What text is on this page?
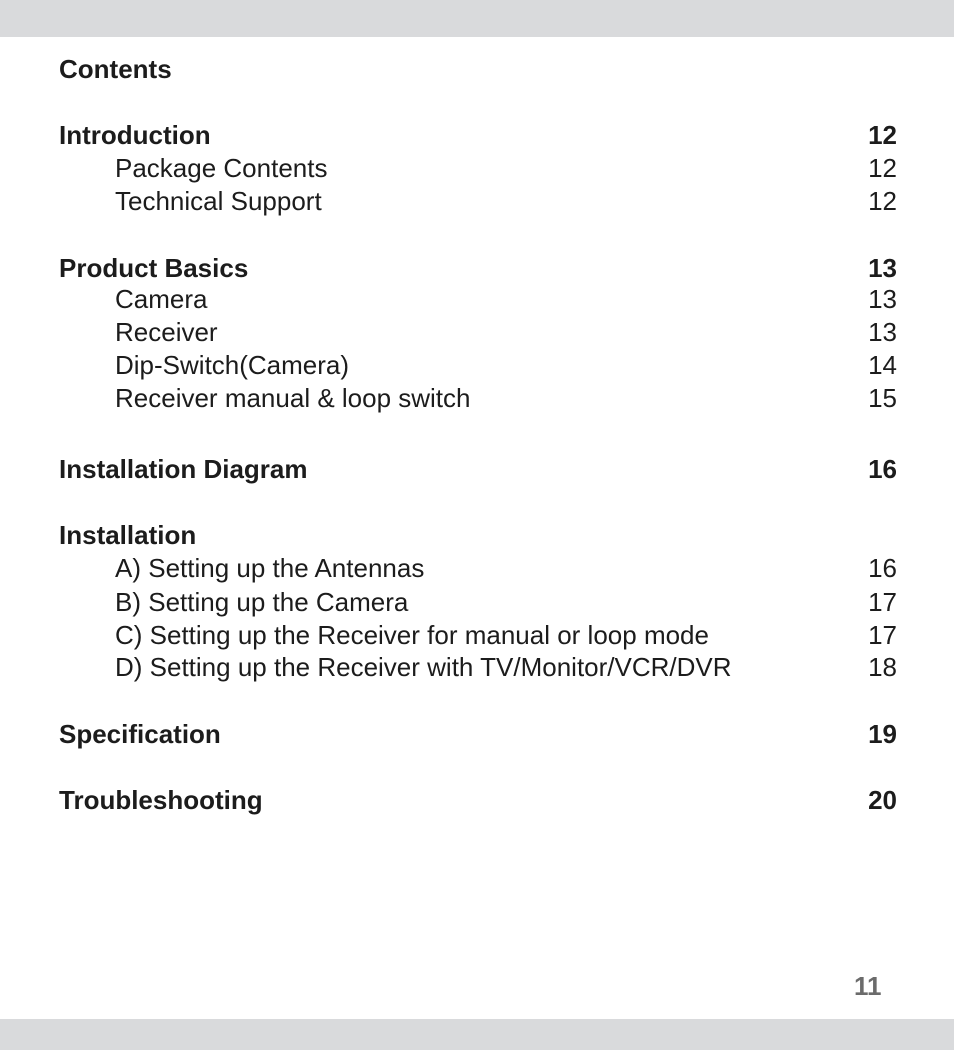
Contents
Introduction	12
Package Contents	12
Technical Support	12
Product Basics	13
Camera	13
Receiver	13
Dip-Switch(Camera)	14
Receiver manual & loop switch	15
Installation Diagram	16
Installation
A) Setting up the Antennas	16
B) Setting up the Camera	17
C) Setting up the Receiver for manual or loop mode	17
D) Setting up the Receiver with TV/Monitor/VCR/DVR	18
Specification	19
Troubleshooting	20
11
